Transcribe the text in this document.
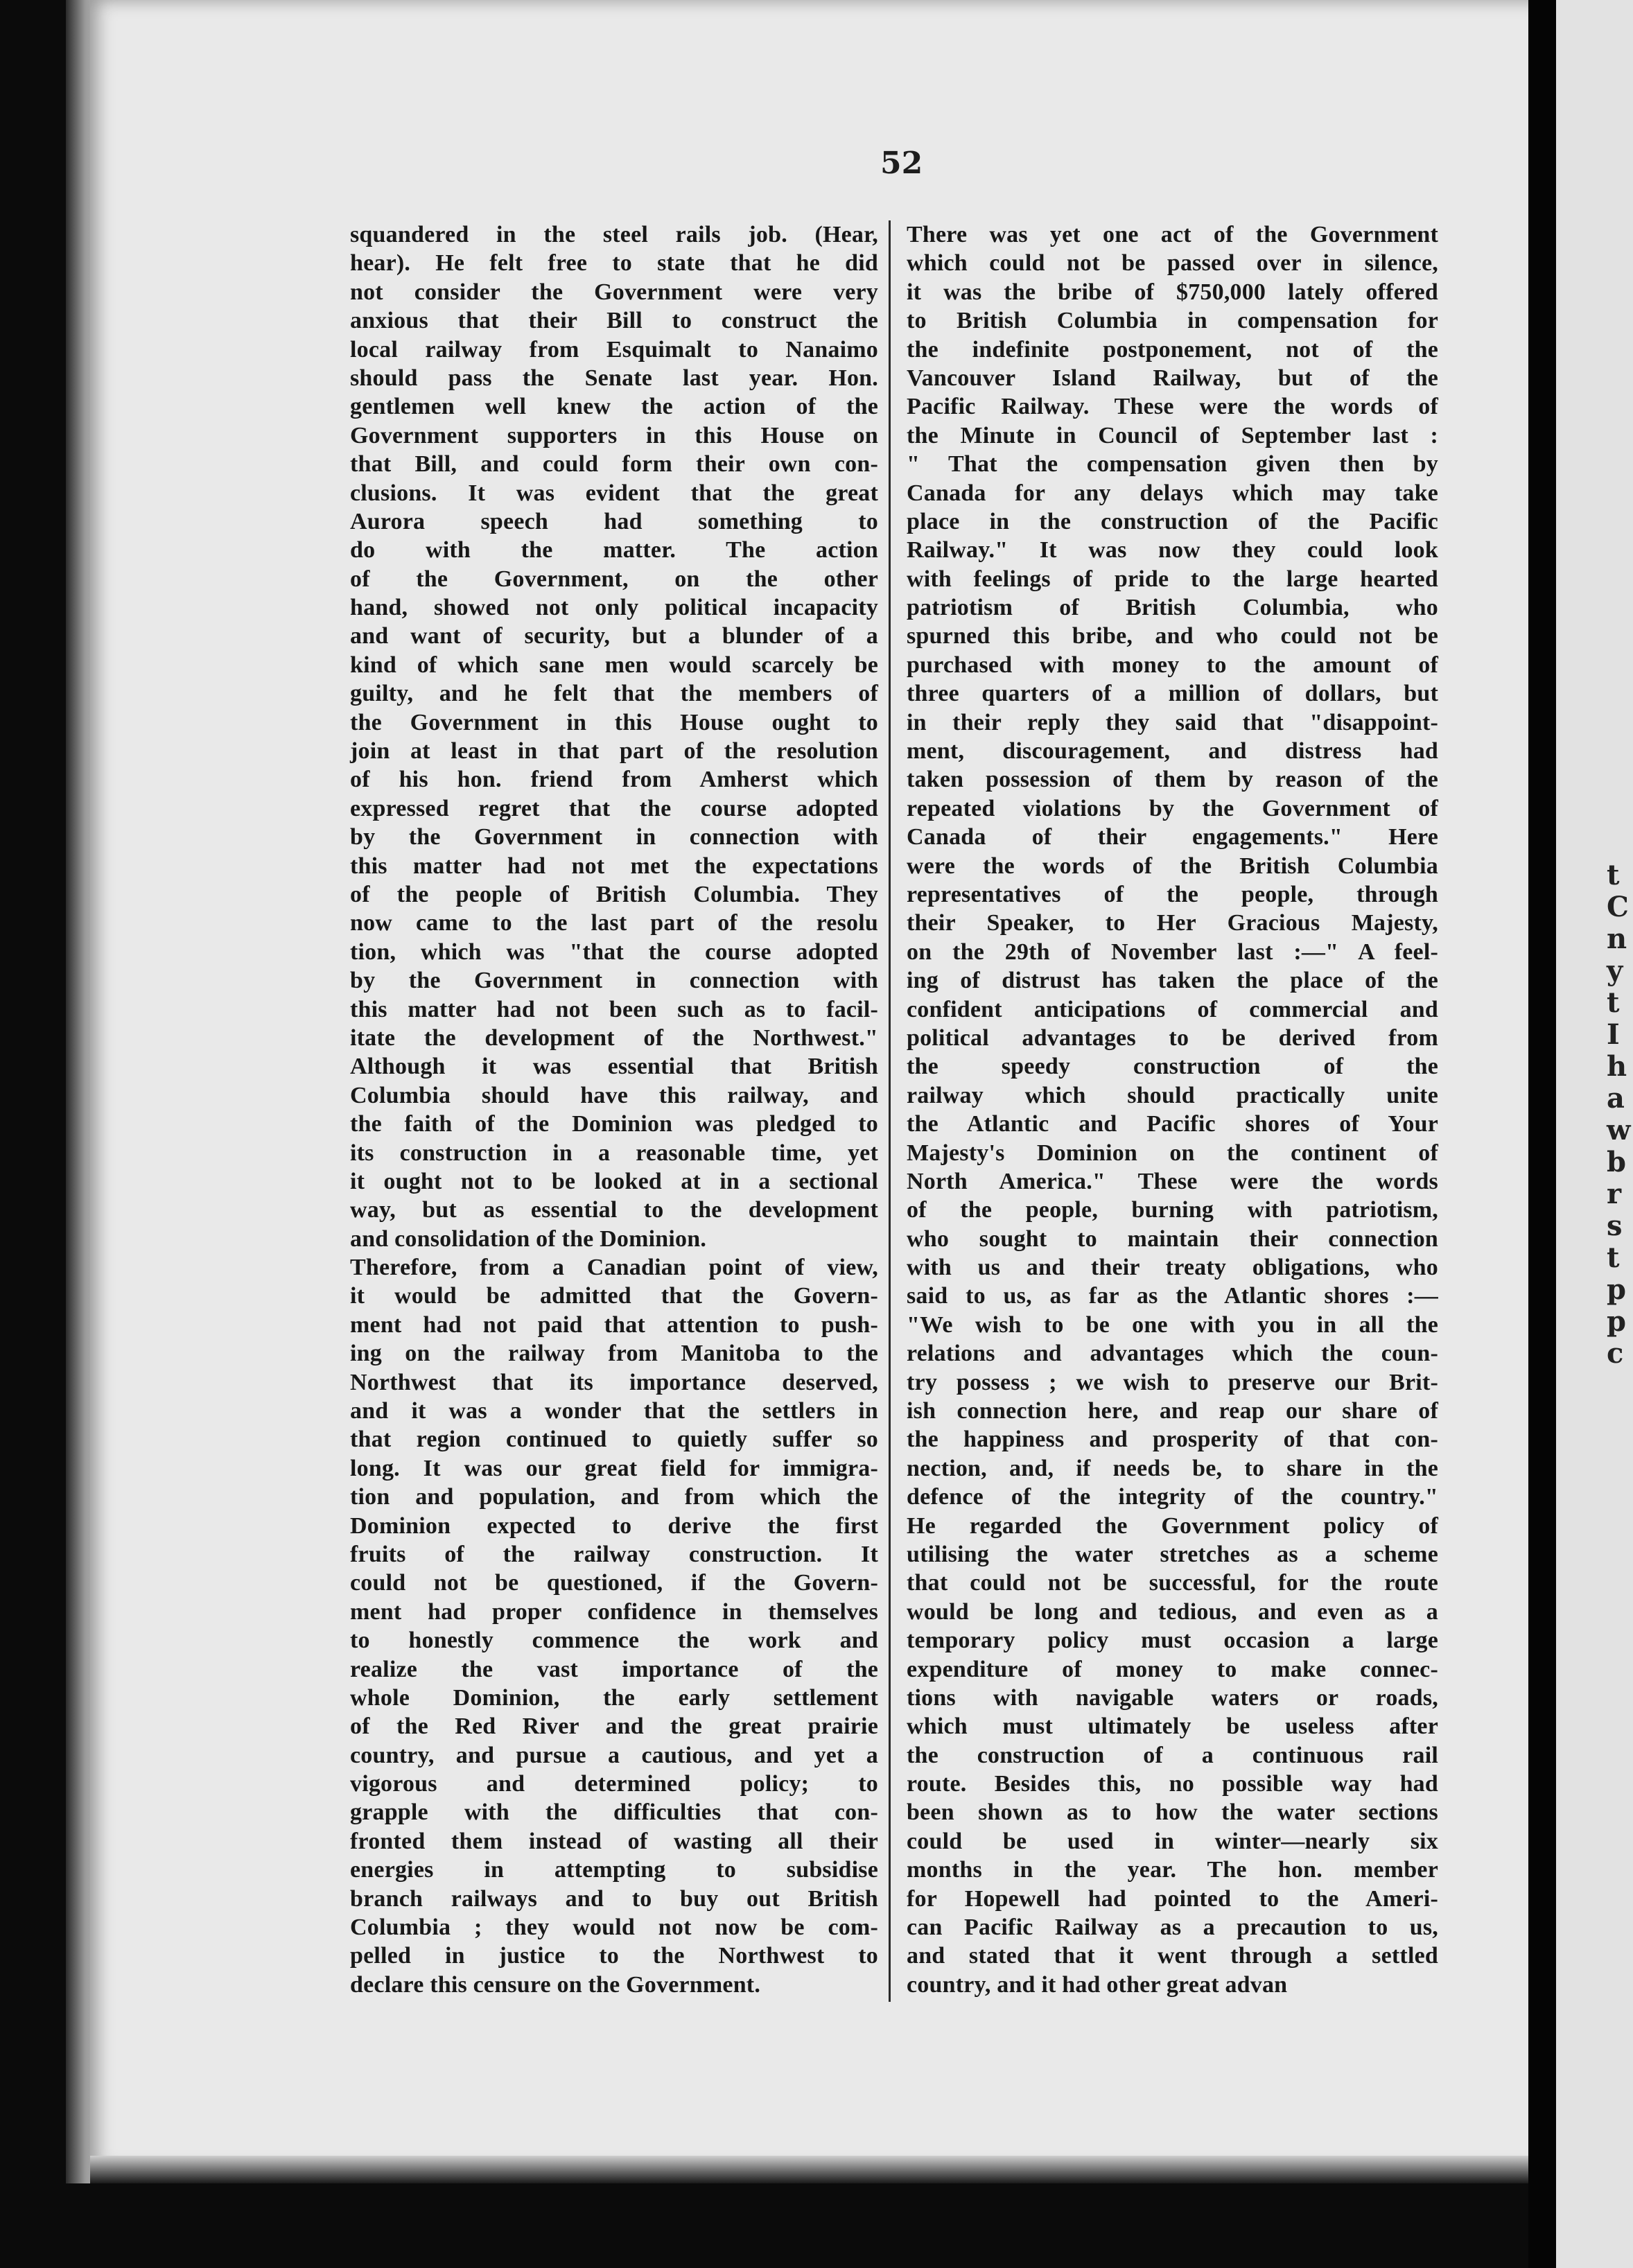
t
C
n
y
t
I
h
a
w
b
r
s
t
p
p
c
52
squandered in the steel rails job. (Hear,
hear). He felt free to state that he did
not consider the Government were very
anxious that their Bill to construct the
local railway from Esquimalt to Nanaimo
should pass the Senate last year. Hon.
gentlemen well knew the action of the
Government supporters in this House on
that Bill, and could form their own con-
clusions. It was evident that the great
Aurora speech had something to
do with the matter. The action
of the Government, on the other
hand, showed not only political incapacity
and want of security, but a blunder of a
kind of which sane men would scarcely be
guilty, and he felt that the members of
the Government in this House ought to
join at least in that part of the resolution
of his hon. friend from Amherst which
expressed regret that the course adopted
by the Government in connection with
this matter had not met the expectations
of the people of British Columbia. They
now came to the last part of the resolu
tion, which was "that the course adopted
by the Government in connection with
this matter had not been such as to facil-
itate the development of the Northwest."
Although it was essential that British
Columbia should have this railway, and
the faith of the Dominion was pledged to
its construction in a reasonable time, yet
it ought not to be looked at in a sectional
way, but as essential to the development
and consolidation of the Dominion.
Therefore, from a Canadian point of view,
it would be admitted that the Govern-
ment had not paid that attention to push-
ing on the railway from Manitoba to the
Northwest that its importance deserved,
and it was a wonder that the settlers in
that region continued to quietly suffer so
long. It was our great field for immigra-
tion and population, and from which the
Dominion expected to derive the first
fruits of the railway construction. It
could not be questioned, if the Govern-
ment had proper confidence in themselves
to honestly commence the work and
realize the vast importance of the
whole Dominion, the early settlement
of the Red River and the great prairie
country, and pursue a cautious, and yet a
vigorous and determined policy; to
grapple with the difficulties that con-
fronted them instead of wasting all their
energies in attempting to subsidise
branch railways and to buy out British
Columbia ; they would not now be com-
pelled in justice to the Northwest to
declare this censure on the Government.
There was yet one act of the Government
which could not be passed over in silence,
it was the bribe of $750,000 lately offered
to British Columbia in compensation for
the indefinite postponement, not of the
Vancouver Island Railway, but of the
Pacific Railway. These were the words of
the Minute in Council of September last :
" That the compensation given then by
Canada for any delays which may take
place in the construction of the Pacific
Railway." It was now they could look
with feelings of pride to the large hearted
patriotism of British Columbia, who
spurned this bribe, and who could not be
purchased with money to the amount of
three quarters of a million of dollars, but
in their reply they said that "disappoint-
ment, discouragement, and distress had
taken possession of them by reason of the
repeated violations by the Government of
Canada of their engagements." Here
were the words of the British Columbia
representatives of the people, through
their Speaker, to Her Gracious Majesty,
on the 29th of November last :—" A feel-
ing of distrust has taken the place of the
confident anticipations of commercial and
political advantages to be derived from
the speedy construction of the
railway which should practically unite
the Atlantic and Pacific shores of Your
Majesty's Dominion on the continent of
North America." These were the words
of the people, burning with patriotism,
who sought to maintain their connection
with us and their treaty obligations, who
said to us, as far as the Atlantic shores :—
"We wish to be one with you in all the
relations and advantages which the coun-
try possess ; we wish to preserve our Brit-
ish connection here, and reap our share of
the happiness and prosperity of that con-
nection, and, if needs be, to share in the
defence of the integrity of the country."
He regarded the Government policy of
utilising the water stretches as a scheme
that could not be successful, for the route
would be long and tedious, and even as a
temporary policy must occasion a large
expenditure of money to make connec-
tions with navigable waters or roads,
which must ultimately be useless after
the construction of a continuous rail
route. Besides this, no possible way had
been shown as to how the water sections
could be used in winter—nearly six
months in the year. The hon. member
for Hopewell had pointed to the Ameri-
can Pacific Railway as a precaution to us,
and stated that it went through a settled
country, and it had other great advan
